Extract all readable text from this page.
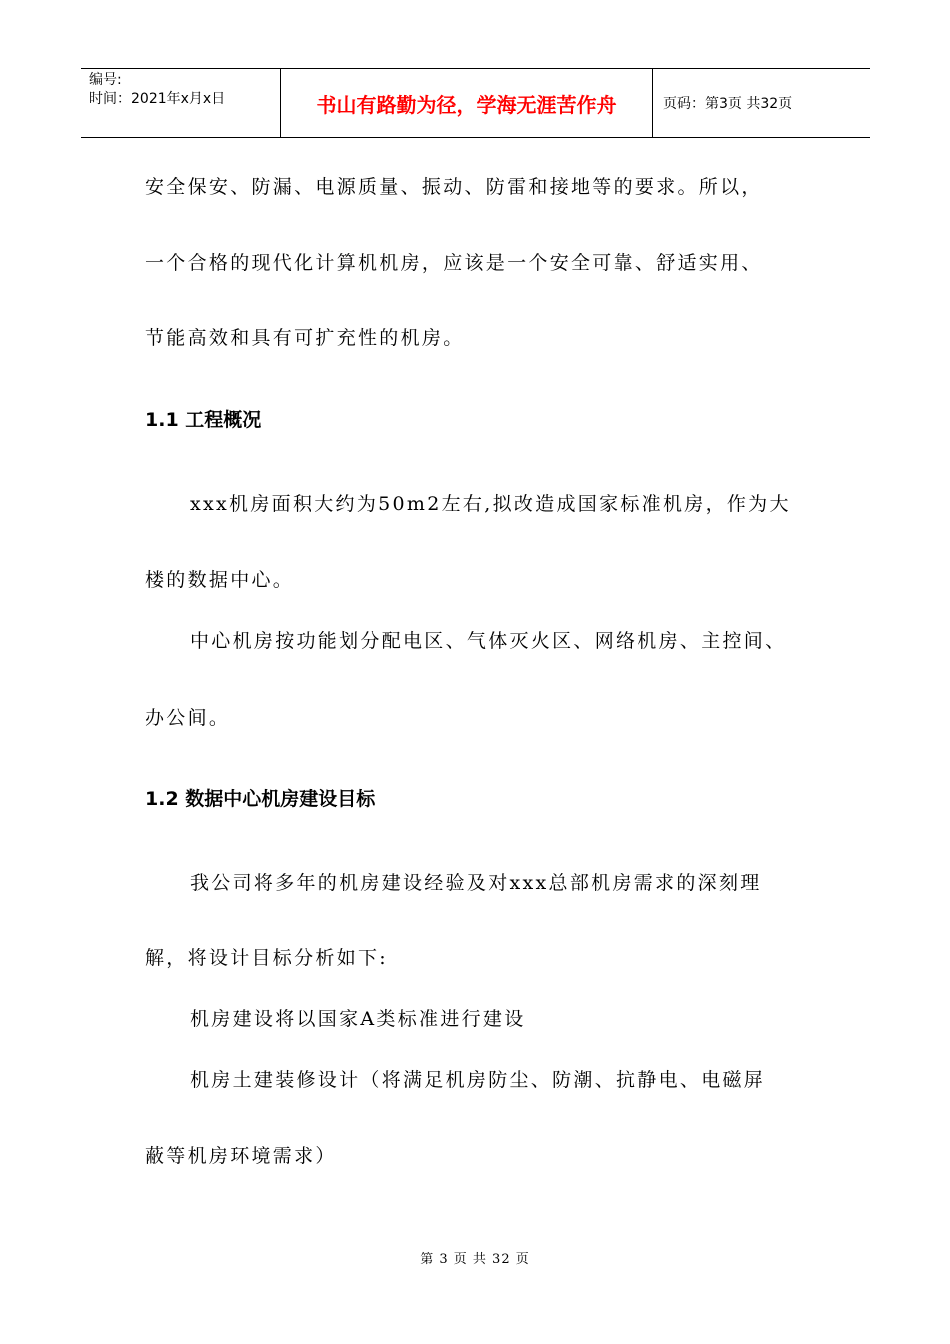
编号:
时间：2021年x月x日	书山有路勤为径，学海无涯苦作舟	页码：第3页 共32页
安全保安、防漏、电源质量、振动、防雷和接地等的要求。所以，
一个合格的现代化计算机机房，应该是一个安全可靠、舒适实用、
节能高效和具有可扩充性的机房。
1.1 工程概况
xxx机房面积大约为50m2左右,拟改造成国家标准机房，作为大
楼的数据中心。
中心机房按功能划分配电区、气体灭火区、网络机房、主控间、
办公间。
1.2 数据中心机房建设目标
我公司将多年的机房建设经验及对xxx总部机房需求的深刻理
解，将设计目标分析如下:
机房建设将以国家A类标准进行建设
机房土建装修设计（将满足机房防尘、防潮、抗静电、电磁屏
蔽等机房环境需求）
第 3 页 共 32 页
